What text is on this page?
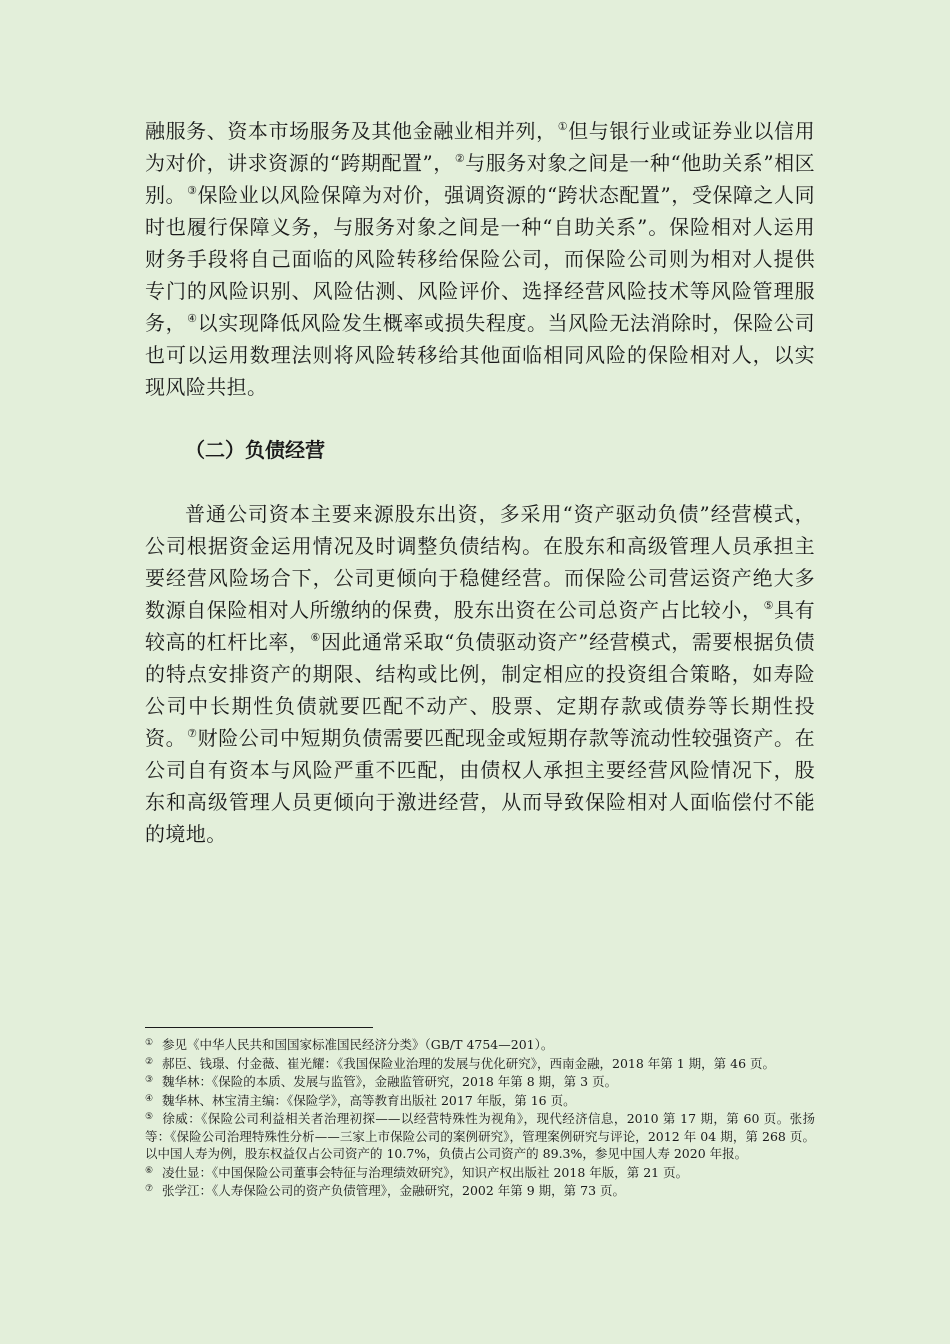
融服务、资本市场服务及其他金融业相并列，①但与银行业或证券业以信用为对价，讲求资源的“跨期配置”，②与服务对象之间是一种“他助关系”相区别。③保险业以风险保障为对价，强调资源的“跨状态配置”，受保障之人同时也履行保障义务，与服务对象之间是一种“自助关系”。保险相对人运用财务手段将自己面临的风险转移给保险公司，而保险公司则为相对人提供专门的风险识别、风险估测、风险评价、选择经营风险技术等风险管理服务，④以实现降低风险发生概率或损失程度。当风险无法消除时，保险公司也可以运用数理法则将风险转移给其他面临相同风险的保险相对人，以实现风险共担。

（二）负债经营

普通公司资本主要来源股东出资，多采用“资产驱动负债”经营模式，公司根据资金运用情况及时调整负债结构。在股东和高级管理人员承担主要经营风险场合下，公司更倾向于稳健经营。而保险公司营运资产绝大多数源自保险相对人所缴纳的保费，股东出资在公司总资产占比较小，⑤具有较高的杠杆比率，⑥因此通常采取“负债驱动资产”经营模式，需要根据负债的特点安排资产的期限、结构或比例，制定相应的投资组合策略，如寿险公司中长期性负债就要匹配不动产、股票、定期存款或债券等长期性投资。⑦财险公司中短期负债需要匹配现金或短期存款等流动性较强资产。在公司自有资本与风险严重不匹配，由债权人承担主要经营风险情况下，股东和高级管理人员更倾向于激进经营，从而导致保险相对人面临偿付不能的境地。

① 参见《中华人民共和国国家标准国民经济分类》（GB/T 4754—201）。

② 郝臣、钱璟、付金薇、崔光耀：《我国保险业治理的发展与优化研究》，西南金融，2018 年第 1 期，第 46 页。

③ 魏华林：《保险的本质、发展与监管》，金融监管研究，2018 年第 8 期，第 3 页。

④ 魏华林、林宝清主编：《保险学》，高等教育出版社 2017 年版，第 16 页。

⑤ 徐威：《保险公司利益相关者治理初探——以经营特殊性为视角》，现代经济信息，2010 第 17 期，第 60 页。张扬等：《保险公司治理特殊性分析——三家上市保险公司的案例研究》，管理案例研究与评论，2012 年 04 期，第 268 页。以中国人寿为例，股东权益仅占公司资产的 10.7%，负债占公司资产的 89.3%，参见中国人寿 2020 年报。

⑥ 凌仕显：《中国保险公司董事会特征与治理绩效研究》，知识产权出版社 2018 年版，第 21 页。

⑦ 张学江：《人寿保险公司的资产负债管理》，金融研究，2002 年第 9 期，第 73 页。
